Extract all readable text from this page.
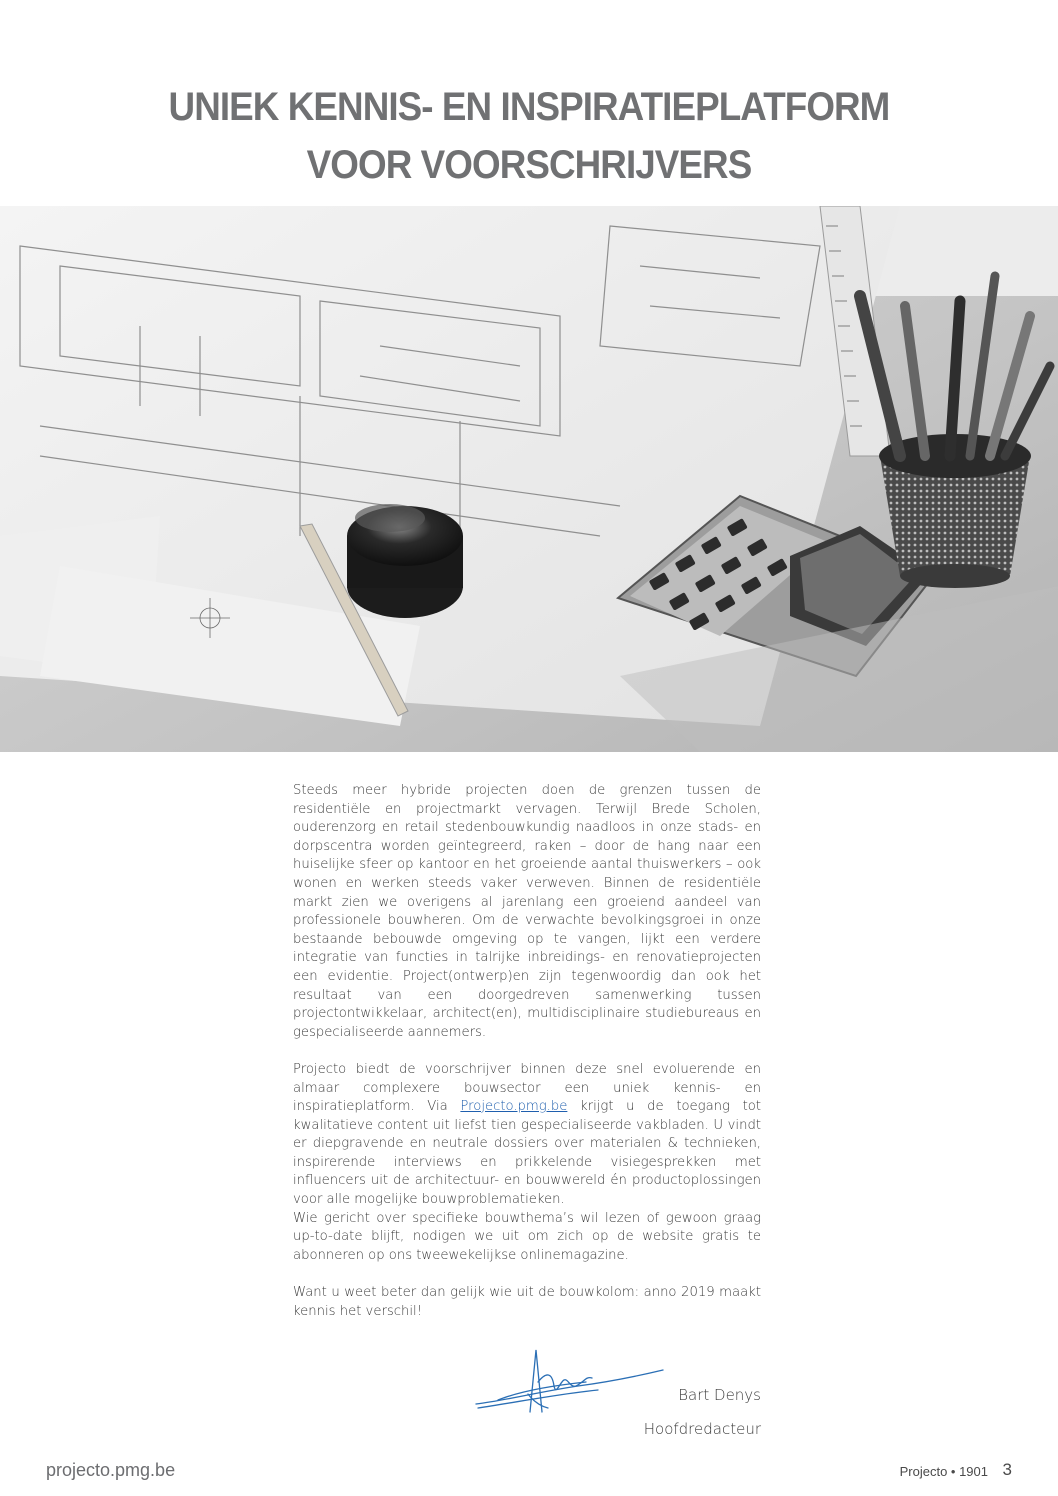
UNIEK KENNIS- EN INSPIRATIEPLATFORM
VOOR VOORSCHRIJVERS

Steeds meer hybride projecten doen de grenzen tussen de residentiële en projectmarkt vervagen. Terwijl Brede Scholen, ouderenzorg en retail stedenbouwkundig naadloos in onze stads- en dorpscentra worden geïntegreerd, raken – door de hang naar een huiselijke sfeer op kantoor en het groeiende aantal thuiswerkers – ook wonen en werken steeds vaker verweven. Binnen de residentiële markt zien we overigens al jarenlang een groeiend aandeel van professionele bouwheren. Om de verwachte bevolkingsgroei in onze bestaande bebouwde omgeving op te vangen, lijkt een verdere integratie van functies in talrijke inbreidings- en renovatieprojecten een evidentie. Project(ontwerp)en zijn tegenwoordig dan ook het resultaat van een doorgedreven samenwerking tussen projectontwikkelaar, architect(en), multidisciplinaire studiebureaus en gespecialiseerde aannemers.

Projecto biedt de voorschrijver binnen deze snel evoluerende en almaar complexere bouwsector een uniek kennis- en inspiratieplatform. Via Projecto.pmg.be krijgt u de toegang tot kwalitatieve content uit liefst tien gespecialiseerde vakbladen. U vindt er diepgravende en neutrale dossiers over materialen & technieken, inspirerende interviews en prikkelende visiegesprekken met influencers uit de architectuur- en bouwwereld én productoplossingen voor alle mogelijke bouwproblematieken.

Wie gericht over specifieke bouwthema’s wil lezen of gewoon graag up-to-date blijft, nodigen we uit om zich op de website gratis te abonneren op ons tweewekelijkse onlinemagazine.

Want u weet beter dan gelijk wie uit de bouwkolom: anno 2019 maakt kennis het verschil!

Bart Denys
Hoofdredacteur
projecto.pmg.be	Projecto • 1901 3
